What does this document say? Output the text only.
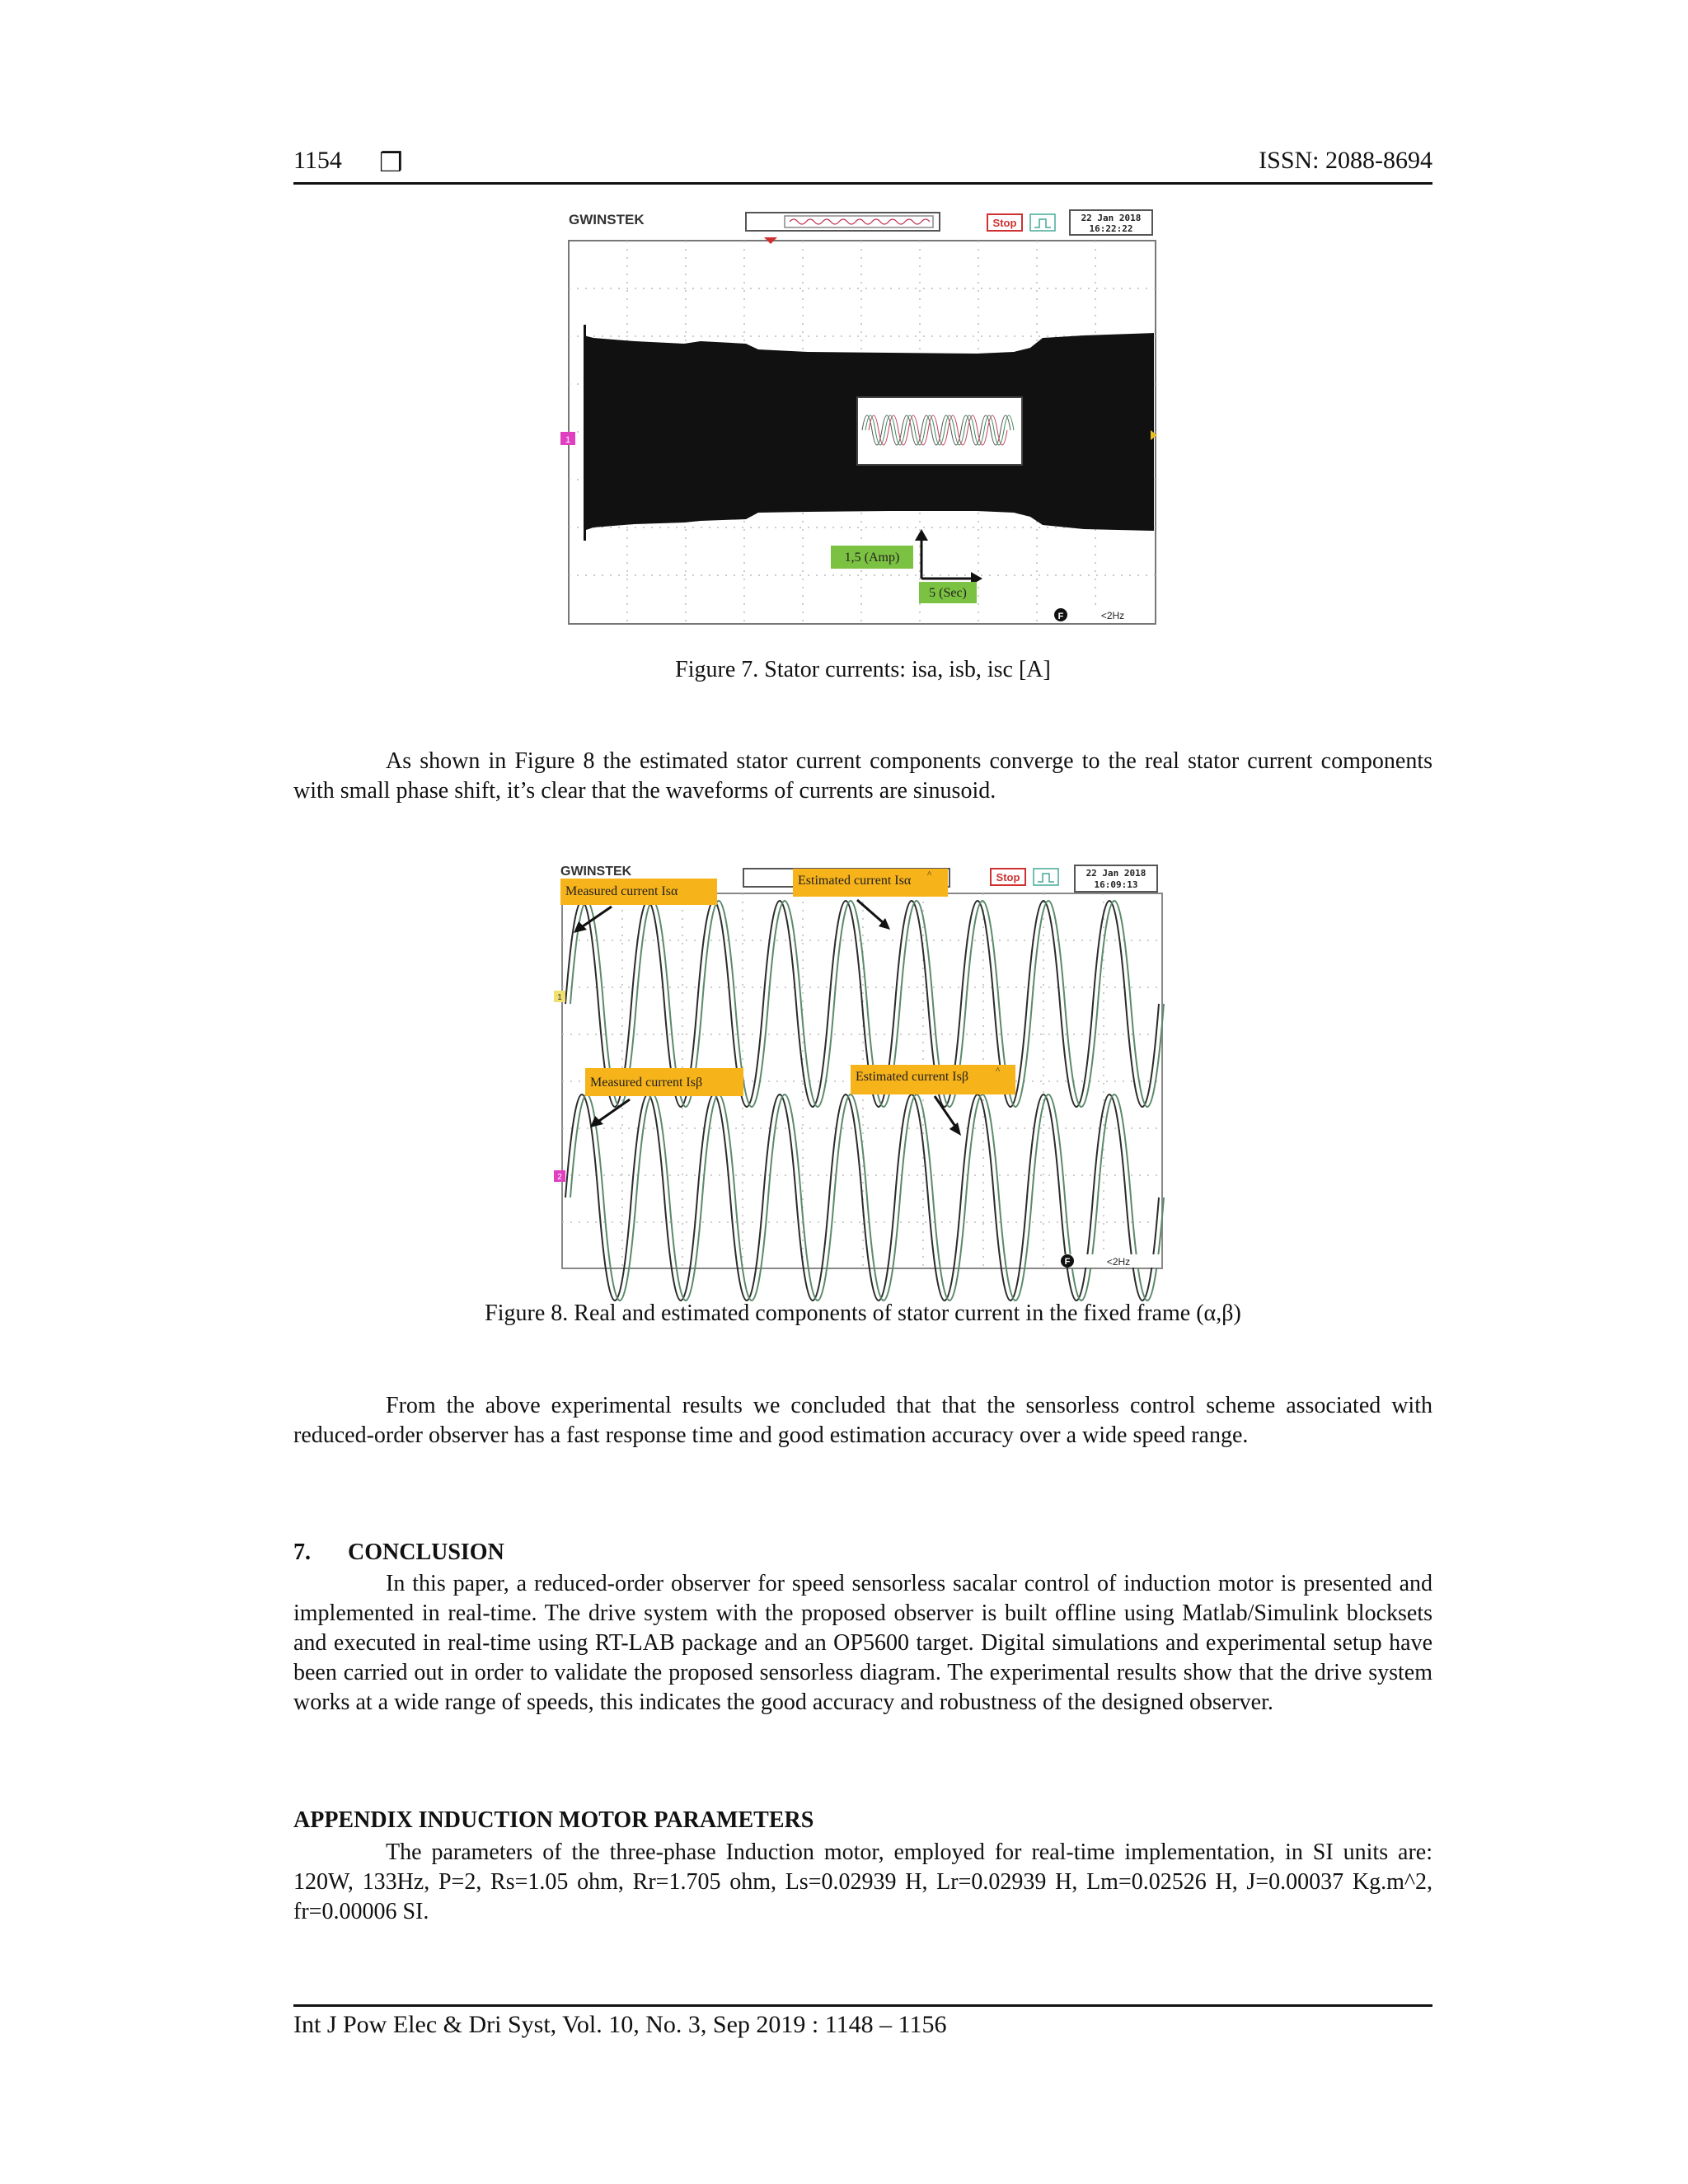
1154 ❒	ISSN: 2088-8694
GWINSTEK	Stop	22 Jan 2018
16:22:22
1
1,5 (Amp)
5 (Sec)
F	<2Hz
Figure 7. Stator currents: isa, isb, isc [A]
As shown in Figure 8 the estimated stator current components converge to the real stator current components with small phase shift, it’s clear that the waveforms of currents are sinusoid.
GWINSTEK	Stop	22 Jan 2018
16:09:13
1
2
Measured current Isα
Estimated current Isα ^
Measured current Isβ	Estimated current Isβ	^
F	<2Hz
Figure 8. Real and estimated components of stator current in the fixed frame (α,β)
From the above experimental results we concluded that that the sensorless control scheme associated with reduced-order observer has a fast response time and good estimation accuracy over a wide speed range.
7. CONCLUSION
In this paper, a reduced-order observer for speed sensorless sacalar control of induction motor is presented and implemented in real-time. The drive system with the proposed observer is built offline using Matlab/Simulink blocksets and executed in real-time using RT-LAB package and an OP5600 target. Digital simulations and experimental setup have been carried out in order to validate the proposed sensorless diagram. The experimental results show that the drive system works at a wide range of speeds, this indicates the good accuracy and robustness of the designed observer.
APPENDIX INDUCTION MOTOR PARAMETERS
The parameters of the three-phase Induction motor, employed for real-time implementation, in SI units are: 120W, 133Hz, P=2, Rs=1.05 ohm, Rr=1.705 ohm, Ls=0.02939 H, Lr=0.02939 H, Lm=0.02526 H, J=0.00037 Kg.m^2, fr=0.00006 SI.
Int J Pow Elec & Dri Syst, Vol. 10, No. 3, Sep 2019 : 1148 – 1156
